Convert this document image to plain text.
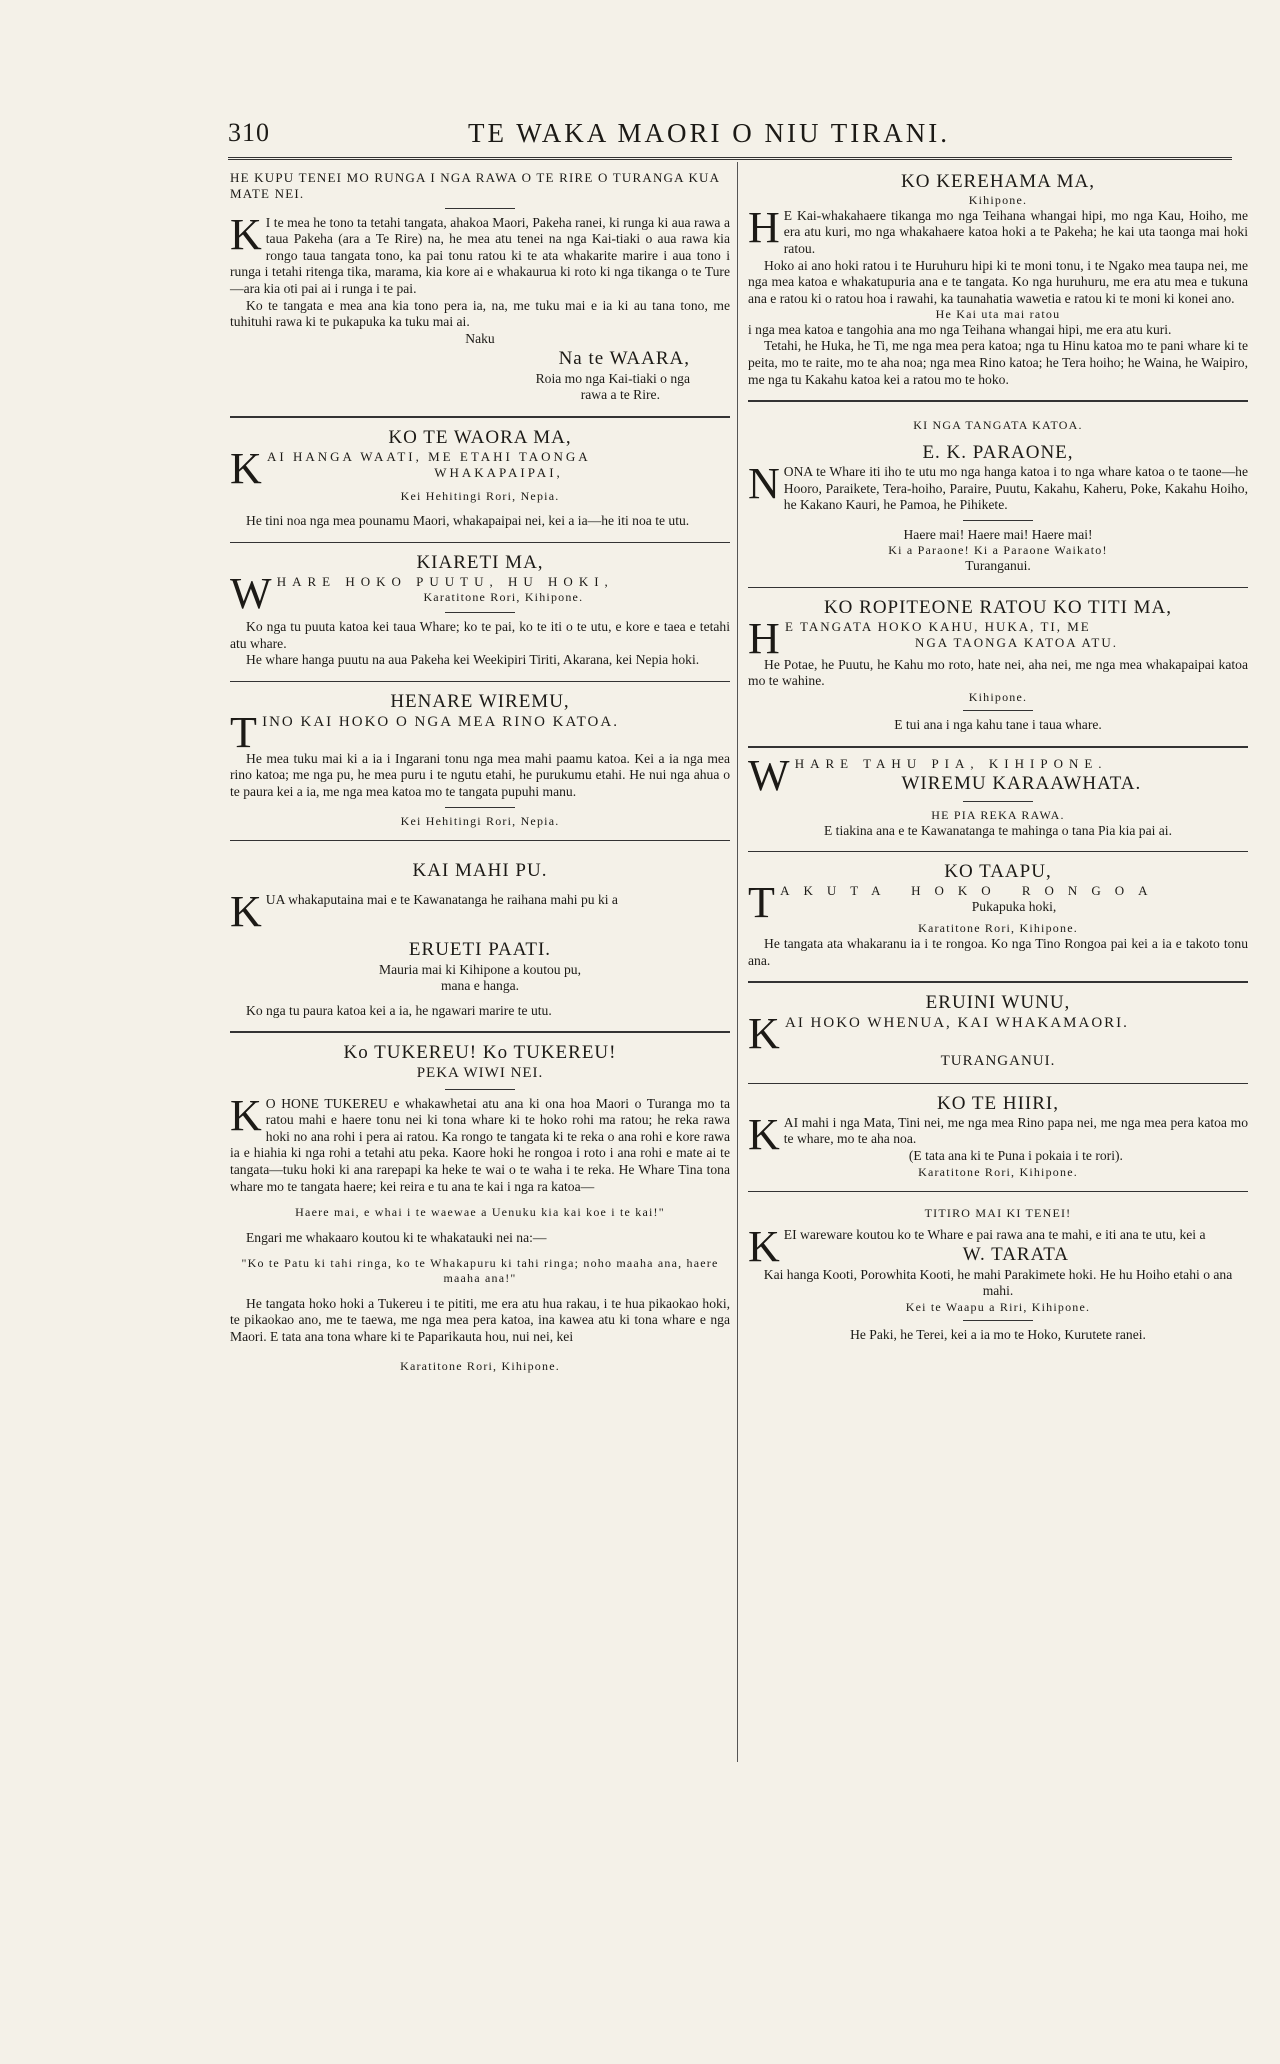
310	TE WAKA MAORI O NIU TIRANI.

HE KUPU TENEI MO RUNGA I NGA RAWA O TE RIRE O TURANGA KUA MATE NEI.

K I te mea he tono ta tetahi tangata, ahakoa Maori, Pakeha ranei, ki runga ki aua rawa a taua Pakeha (ara a Te Rire) na, he mea atu tenei na nga Kai-tiaki o aua rawa kia rongo taua tangata tono, ka pai tonu ratou ki te ata whakarite marire i aua tono i runga i tetahi ritenga tika, marama, kia kore ai e whakaurua ki roto ki nga tikanga o te Ture—ara kia oti pai ai i runga i te pai.

Ko te tangata e mea ana kia tono pera ia, na, me tuku mai e ia ki au tana tono, me tuhituhi rawa ki te pukapuka ka tuku mai ai.

Naku

Na te WAARA,

Roia mo nga Kai-tiaki o nga

rawa a te Rire.

KO TE WAORA MA,

KAI HANGA WAATI, ME ETAHI TAONGA

WHAKAPAIPAI,

Kei Hehitingi Rori, Nepia.

He tini noa nga mea pounamu Maori, whakapaipai nei, kei a ia—he iti noa te utu.

KIARETI MA,

WHARE HOKO PUUTU, HU HOKI,

Karatitone Rori, Kihipone.

Ko nga tu puuta katoa kei taua Whare; ko te pai, ko te iti o te utu, e kore e taea e tetahi atu whare.

He whare hanga puutu na aua Pakeha kei Weekipiri Tiriti, Akarana, kei Nepia hoki.

HENARE WIREMU,

TINO KAI HOKO O NGA MEA RINO KATOA.

He mea tuku mai ki a ia i Ingarani tonu nga mea mahi paamu katoa. Kei a ia nga mea rino katoa; me nga pu, he mea puru i te ngutu etahi, he purukumu etahi. He nui nga ahua o te paura kei a ia, me nga mea katoa mo te tangata pupuhi manu.

Kei Hehitingi Rori, Nepia.

KAI MAHI PU.

KUA whakaputaina mai e te Kawanatanga he raihana mahi pu ki a

ERUETI PAATI.

Mauria mai ki Kihipone a koutou pu,

mana e hanga.

Ko nga tu paura katoa kei a ia, he ngawari marire te utu.

Ko TUKEREU! Ko TUKEREU!

PEKA WIWI NEI.

K O HONE TUKEREU e whakawhetai atu ana ki ona hoa Maori o Turanga mo ta ratou mahi e haere tonu nei ki tona whare ki te hoko rohi ma ratou; he reka rawa hoki no ana rohi i pera ai ratou. Ka rongo te tangata ki te reka o ana rohi e kore rawa ia e hiahia ki nga rohi a tetahi atu peka. Kaore hoki he rongoa i roto i ana rohi e mate ai te tangata—tuku hoki ki ana rarepapi ka heke te wai o te waha i te reka. He Whare Tina tona whare mo te tangata haere; kei reira e tu ana te kai i nga ra katoa—

Haere mai, e whai i te waewae a Uenuku kia kai koe i te kai!"

Engari me whakaaro koutou ki te whakatauki nei na:—

"Ko te Patu ki tahi ringa, ko te Whakapuru ki tahi ringa; noho maaha ana, haere maaha ana!"

He tangata hoko hoki a Tukereu i te pititi, me era atu hua rakau, i te hua pikaokao hoki, te pikaokao ano, me te taewa, me nga mea pera katoa, ina kawea atu ki tona whare e nga Maori. E tata ana tona whare ki te Paparikauta hou, nui nei, kei

Karatitone Rori, Kihipone.

KO KEREHAMA MA,

Kihipone.

H E Kai-whakahaere tikanga mo nga Teihana whangai hipi, mo nga Kau, Hoiho, me era atu kuri, mo nga whakahaere katoa hoki a te Pakeha; he kai uta taonga mai hoki ratou.

Hoko ai ano hoki ratou i te Huruhuru hipi ki te moni tonu, i te Ngako mea taupa nei, me nga mea katoa e whakatupuria ana e te tangata. Ko nga huruhuru, me era atu mea e tukuna ana e ratou ki o ratou hoa i rawahi, ka taunahatia wawetia e ratou ki te moni ki konei ano.

He Kai uta mai ratou

i nga mea katoa e tangohia ana mo nga Teihana whangai hipi, me era atu kuri.

Tetahi, he Huka, he Ti, me nga mea pera katoa; nga tu Hinu katoa mo te pani whare ki te peita, mo te raite, mo te aha noa; nga mea Rino katoa; he Tera hoiho; he Waina, he Waipiro, me nga tu Kakahu katoa kei a ratou mo te hoko.

KI NGA TANGATA KATOA.

E. K. PARAONE,

NONA te Whare iti iho te utu mo nga hanga katoa i to nga whare katoa o te taone—he Hooro, Paraikete, Tera-hoiho, Paraire, Puutu, Kakahu, Kaheru, Poke, Kakahu Hoiho, he Kakano Kauri, he Pamoa, he Pihikete.

Haere mai! Haere mai! Haere mai!

Ki a Paraone! Ki a Paraone Waikato!

Turanganui.

KO ROPITEONE RATOU KO TITI MA,

H E TANGATA HOKO KAHU, HUKA, TI, ME

NGA TAONGA KATOA ATU.

He Potae, he Puutu, he Kahu mo roto, hate nei, aha nei, me nga mea whakapaipai katoa mo te wahine.

Kihipone.

E tui ana i nga kahu tane i taua whare.

WHARE TAHU PIA, KIHIPONE.

WIREMU KARAAWHATA.

HE PIA REKA RAWA.

E tiakina ana e te Kawanatanga te mahinga o tana Pia kia pai ai.

KO TAAPU,

TAKUTA HOKO RONGOA

Pukapuka hoki,

Karatitone Rori, Kihipone.

He tangata ata whakaranu ia i te rongoa. Ko nga Tino Rongoa pai kei a ia e takoto tonu ana.

ERUINI WUNU,

KAI HOKO WHENUA, KAI WHAKAMAORI.

TURANGANUI.

KO TE HIIRI,

KAI mahi i nga Mata, Tini nei, me nga mea Rino papa nei, me nga mea pera katoa mo te whare, mo te aha noa.

(E tata ana ki te Puna i pokaia i te rori).

Karatitone Rori, Kihipone.

TITIRO MAI KI TENEI!

KEI wareware koutou ko te Whare e pai rawa ana te mahi, e iti ana te utu, kei a

W. TARATA

Kai hanga Kooti, Porowhita Kooti, he mahi Parakimete hoki. He hu Hoiho etahi o ana mahi.

Kei te Waapu a Riri, Kihipone.

He Paki, he Terei, kei a ia mo te Hoko, Kurutete ranei.
